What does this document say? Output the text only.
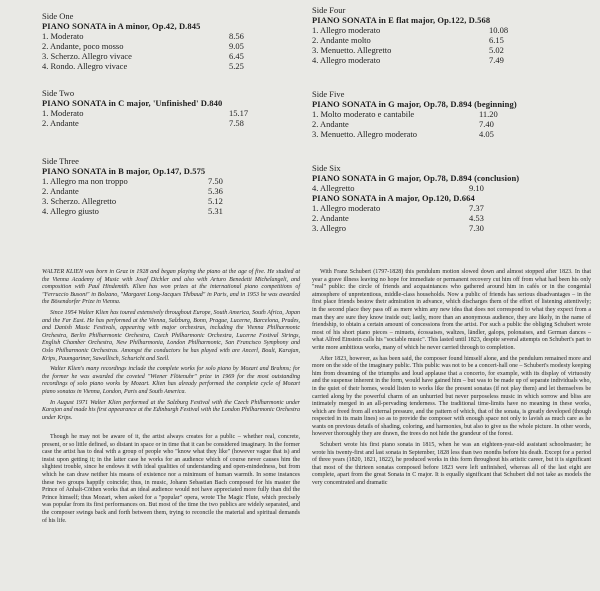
Side One
PIANO SONATA in A minor, Op.42, D.845
1. Moderato	8.56
2. Andante, poco mosso	9.05
3. Scherzo. Allegro vivace	6.45
4. Rondo. Allegro vivace	5.25
Side Two
PIANO SONATA in C major, 'Unfinished' D.840
1. Moderato	15.17
2. Andante	7.58
Side Three
PIANO SONATA in B major, Op.147, D.575
1. Allegro ma non troppo	7.50
2. Andante	5.36
3. Scherzo. Allegretto	5.12
4. Allegro giusto	5.31
Side Four
PIANO SONATA in E flat major, Op.122, D.568
1. Allegro moderato	10.08
2. Andante molto	6.15
3. Menuetto. Allegretto	5.02
4. Allegro moderato	7.49
Side Five
PIANO SONATA in G major, Op.78, D.894 (beginning)
1. Molto moderato e cantabile	11.20
2. Andante	7.40
3. Menuetto. Allegro moderato	4.05
Side Six
PIANO SONATA in G major, Op.78, D.894 (conclusion)
4. Allegretto	9.10
PIANO SONATA in A major, Op.120, D.664
1. Allegro moderato	7.37
2. Andante	4.53
3. Allegro	7.30

WALTER KLIEN was born in Graz in 1928 and began playing the piano at the age of five. He studied at the Vienna Academy of Music with Josef Dichler and also with Arturo Benedetti Michelangeli, and composition with Paul Hindemith. Klien has won prizes at the international piano competitions of "Ferruccio Busoni" in Bolzano, "Margaret Long-Jacques Thibaud" in Paris, and in 1953 he was awarded the Bösendorfer Prize in Vienna.

Since 1954 Walter Klien has toured extensively throughout Europe, South America, South Africa, Japan and the Far East. He has performed at the Vienna, Salzburg, Bonn, Prague, Lucerne, Barcelona, Prades, and Danish Music Festivals, appearing with major orchestras, including the Vienna Philharmonic Orchestra, Berlin Philharmonic Orchestra, Czech Philharmonic Orchestra, Lucerne Festival Strings, English Chamber Orchestra, New Philharmonia, London Philharmonic, San Francisco Symphony and Oslo Philharmonic Orchestras. Amongst the conductors he has played with are Ancerl, Boult, Karajan, Krips, Paumgartner, Sawallisch, Schuricht and Szell.

Walter Klien's many recordings include the complete works for solo piano by Mozart and Brahms; for the former he was awarded the coveted "Wiener Flötenuhr" prize in 1969 for the most outstanding recordings of solo piano works by Mozart. Klien has already performed the complete cycle of Mozart piano sonatas in Vienna, London, Paris and South America.

In August 1971 Walter Klien performed at the Salzburg Festival with the Czech Philharmonic under Karajan and made his first appearance at the Edinburgh Festival with the London Philharmonic Orchestra under Krips.

Though he may not be aware of it, the artist always creates for a public – whether real, concrete, present, or so little defined, so distant in space or in time that it can be considered imaginary. In the former case the artist has to deal with a group of people who "know what they like" (however vague that is) and insist upon getting it; in the latter case he works for an audience which of course never causes him the slightest trouble, since he endows it with ideal qualities of understanding and open-mindedness, but from which he can draw neither his means of existence nor a minimum of human warmth. In some instances these two groups happily coincide; thus, in music, Johann Sebastian Bach composed for his master the Prince of Anhalt-Cöthen works that an ideal audience would not have appreciated more fully than did the Prince himself; thus Mozart, when asked for a "popular" opera, wrote The Magic Flute, which precisely was popular from its first performances on. But most of the time the two publics are widely separated, and the composer swings back and forth between them, trying to reconcile the material and spiritual demands of his life.

With Franz Schubert (1797-1828) this pendulum motion slowed down and almost stopped after 1823. In that year a grave illness leaving no hope for immediate or permanent recovery cut him off from what had been his only "real" public: the circle of friends and acquaintances who gathered around him in cafés or in the congenial atmosphere of unpretentious, middle-class households. Now a public of friends has serious disadvantages – in the first place friends bestow their admiration in advance, which discharges them of the effort of listening attentively; in the second place they pass off as mere whim any new idea that does not correspond to what they expect from a man they are sure they know inside out; lastly, more than an anonymous audience, they are likely, in the name of friendship, to obtain a certain amount of concessions from the artist. For such a public the obliging Schubert wrote most of his short piano pieces – minuets, écossaises, waltzes, ländler, galops, polonaises, and German dances – what Alfred Einstein calls his "sociable music". This lasted until 1823, despite several attempts on Schubert's part to write more ambitious works, many of which he never carried through to completion.

After 1823, however, as has been said, the composer found himself alone, and the pendulum remained more and more on the side of the imaginary public. This public was not to be a concert-hall one – Schubert's modesty keeping him from dreaming of the triumphs and loud applause that a concerto, for example, with its display of virtuosity and the suspense inherent in the form, would have gained him – but was to be made up of separate individuals who, in the quiet of their homes, would listen to works like the present sonatas (if not play them) and let themselves be carried along by the powerful charm of an unhurried but never purposeless music in which sorrow and bliss are intimately merged in an all-pervading tenderness. The traditional time-limits have no meaning in these works, which are freed from all external pressure, and the pattern of which, that of the sonata, is greatly developed (though respected in its main lines) so as to provide the composer with enough space not only to lavish as much care as he wants on previous details of shading, coloring, and harmonies, but also to give us the whole picture. In other words, however thoroughly they are drawn, the trees do not hide the grandeur of the forest.

Schubert wrote his first piano sonata in 1815, when he was an eighteen-year-old assistant schoolmaster; he wrote his twenty-first and last sonata in September, 1828 less than two months before his death. Except for a period of three years (1820, 1821, 1822), he produced works in this form throughout his artistic career, but it is significant that most of the thirteen sonatas composed before 1823 were left unfinished, whereas all of the last eight are complete, apart from the great Sonata in C major. It is equally significant that Schubert did not take as models the very concentrated and dramatic
